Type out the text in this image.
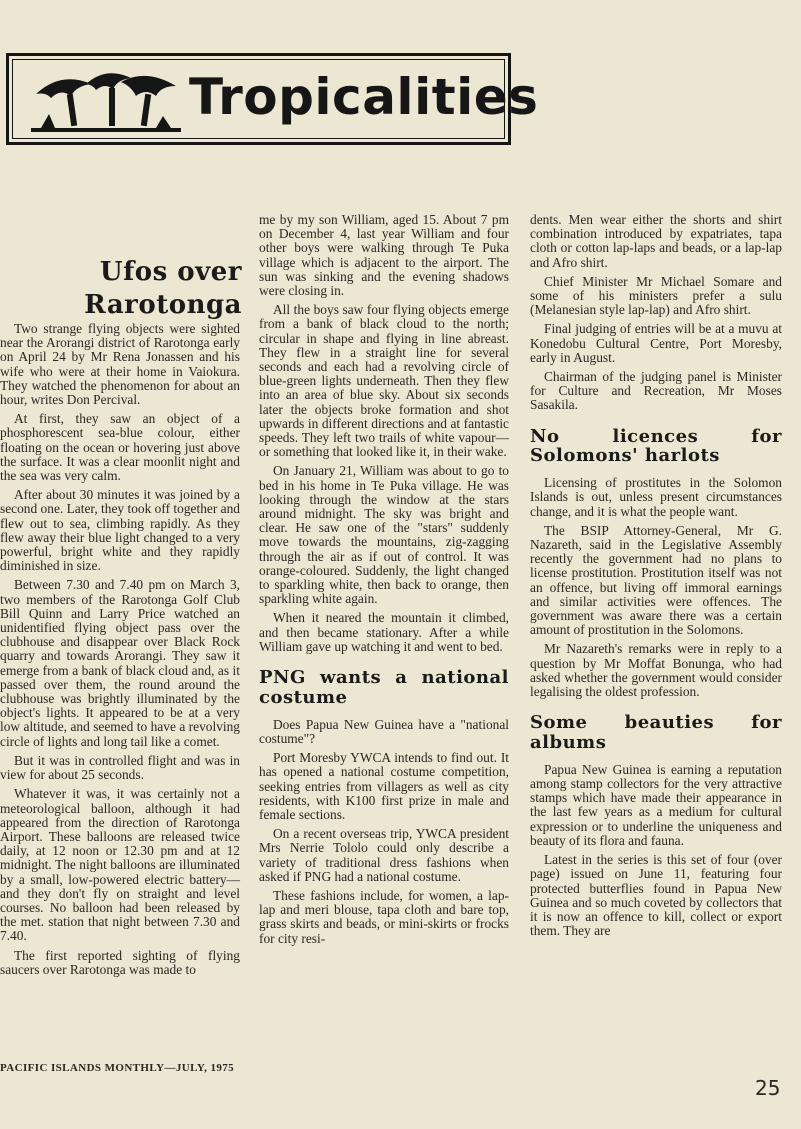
Tropicalities
Ufos over
Rarotonga

Two strange flying objects were sighted near the Arorangi district of Rarotonga early on April 24 by Mr Rena Jonassen and his wife who were at their home in Vaiokura. They watched the phenomenon for about an hour, writes Don Percival.

At first, they saw an object of a phosphorescent sea-blue colour, either floating on the ocean or hovering just above the surface. It was a clear moonlit night and the sea was very calm.

After about 30 minutes it was joined by a second one. Later, they took off together and flew out to sea, climbing rapidly. As they flew away their blue light changed to a very powerful, bright white and they rapidly diminished in size.

Between 7.30 and 7.40 pm on March 3, two members of the Rarotonga Golf Club Bill Quinn and Larry Price watched an unidentified flying object pass over the clubhouse and disappear over Black Rock quarry and towards Arorangi. They saw it emerge from a bank of black cloud and, as it passed over them, the round around the clubhouse was brightly illuminated by the object's lights. It appeared to be at a very low altitude, and seemed to have a revolving circle of lights and long tail like a comet.

But it was in controlled flight and was in view for about 25 seconds.

Whatever it was, it was certainly not a meteorological balloon, although it had appeared from the direction of Rarotonga Airport. These balloons are released twice daily, at 12 noon or 12.30 pm and at 12 midnight. The night balloons are illuminated by a small, low-powered electric battery—and they don't fly on straight and level courses. No balloon had been released by the met. station that night between 7.30 and 7.40.

The first reported sighting of flying saucers over Rarotonga was made to

me by my son William, aged 15. About 7 pm on December 4, last year William and four other boys were walking through Te Puka village which is adjacent to the airport. The sun was sinking and the evening shadows were closing in.

All the boys saw four flying objects emerge from a bank of black cloud to the north; circular in shape and flying in line abreast. They flew in a straight line for several seconds and each had a revolving circle of blue-green lights underneath. Then they flew into an area of blue sky. About six seconds later the objects broke formation and shot upwards in different directions and at fantastic speeds. They left two trails of white vapour—or something that looked like it, in their wake.

On January 21, William was about to go to bed in his home in Te Puka village. He was looking through the window at the stars around midnight. The sky was bright and clear. He saw one of the "stars" suddenly move towards the mountains, zig-zagging through the air as if out of control. It was orange-coloured. Suddenly, the light changed to sparkling white, then back to orange, then sparkling white again.

When it neared the mountain it climbed, and then became stationary. After a while William gave up watching it and went to bed.

PNG wants a national costume

Does Papua New Guinea have a "national costume"?

Port Moresby YWCA intends to find out. It has opened a national costume competition, seeking entries from villagers as well as city residents, with K100 first prize in male and female sections.

On a recent overseas trip, YWCA president Mrs Nerrie Tololo could only describe a variety of traditional dress fashions when asked if PNG had a national costume.

These fashions include, for women, a lap-lap and meri blouse, tapa cloth and bare top, grass skirts and beads, or mini-skirts or frocks for city resi-

dents. Men wear either the shorts and shirt combination introduced by expatriates, tapa cloth or cotton lap-laps and beads, or a lap-lap and Afro shirt.

Chief Minister Mr Michael Somare and some of his ministers prefer a sulu (Melanesian style lap-lap) and Afro shirt.

Final judging of entries will be at a muvu at Konedobu Cultural Centre, Port Moresby, early in August.

Chairman of the judging panel is Minister for Culture and Recreation, Mr Moses Sasakila.

No licences for Solomons' harlots

Licensing of prostitutes in the Solomon Islands is out, unless present circumstances change, and it is what the people want.

The BSIP Attorney-General, Mr G. Nazareth, said in the Legislative Assembly recently the government had no plans to license prostitution. Prostitution itself was not an offence, but living off immoral earnings and similar activities were offences. The government was aware there was a certain amount of prostitution in the Solomons.

Mr Nazareth's remarks were in reply to a question by Mr Moffat Bonunga, who had asked whether the government would consider legalising the oldest profession.

Some beauties for albums

Papua New Guinea is earning a reputation among stamp collectors for the very attractive stamps which have made their appearance in the last few years as a medium for cultural expression or to underline the uniqueness and beauty of its flora and fauna.

Latest in the series is this set of four (over page) issued on June 11, featuring four protected butterflies found in Papua New Guinea and so much coveted by collectors that it is now an offence to kill, collect or export them. They are

PACIFIC ISLANDS MONTHLY—JULY, 1975
25
